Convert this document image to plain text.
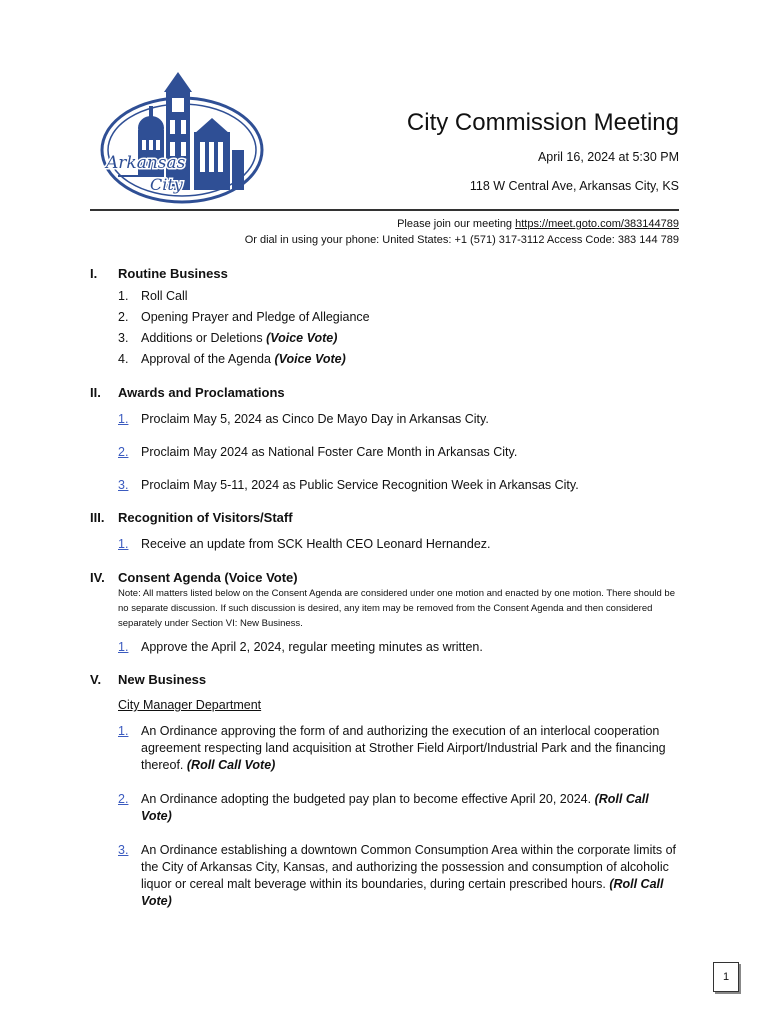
Arkansas
City
City Commission Meeting
April 16, 2024 at 5:30 PM
118 W Central Ave, Arkansas City, KS
Please join our meeting https://meet.goto.com/383144789
Or dial in using your phone: United States: +1 (571) 317-3112 Access Code: 383 144 789
I. Routine Business
1. Roll Call
2. Opening Prayer and Pledge of Allegiance
3. Additions or Deletions (Voice Vote)
4. Approval of the Agenda (Voice Vote)
II. Awards and Proclamations
1. Proclaim May 5, 2024 as Cinco De Mayo Day in Arkansas City.
2. Proclaim May 2024 as National Foster Care Month in Arkansas City.
3. Proclaim May 5-11, 2024 as Public Service Recognition Week in Arkansas City.
III. Recognition of Visitors/Staff
1. Receive an update from SCK Health CEO Leonard Hernandez.
IV. Consent Agenda (Voice Vote)
Note: All matters listed below on the Consent Agenda are considered under one motion and enacted by one motion. There should be no separate discussion. If such discussion is desired, any item may be removed from the Consent Agenda and then considered separately under Section VI: New Business.
1. Approve the April 2, 2024, regular meeting minutes as written.
V. New Business
City Manager Department
1.	An Ordinance approving the form of and authorizing the execution of an interlocal cooperation agreement respecting land acquisition at Strother Field Airport/Industrial Park and the financing thereof. (Roll Call Vote)
2.	An Ordinance adopting the budgeted pay plan to become effective April 20, 2024. (Roll Call Vote)
3.	An Ordinance establishing a downtown Common Consumption Area within the corporate limits of the City of Arkansas City, Kansas, and authorizing the possession and consumption of alcoholic liquor or cereal malt beverage within its boundaries, during certain prescribed hours. (Roll Call Vote)
1
